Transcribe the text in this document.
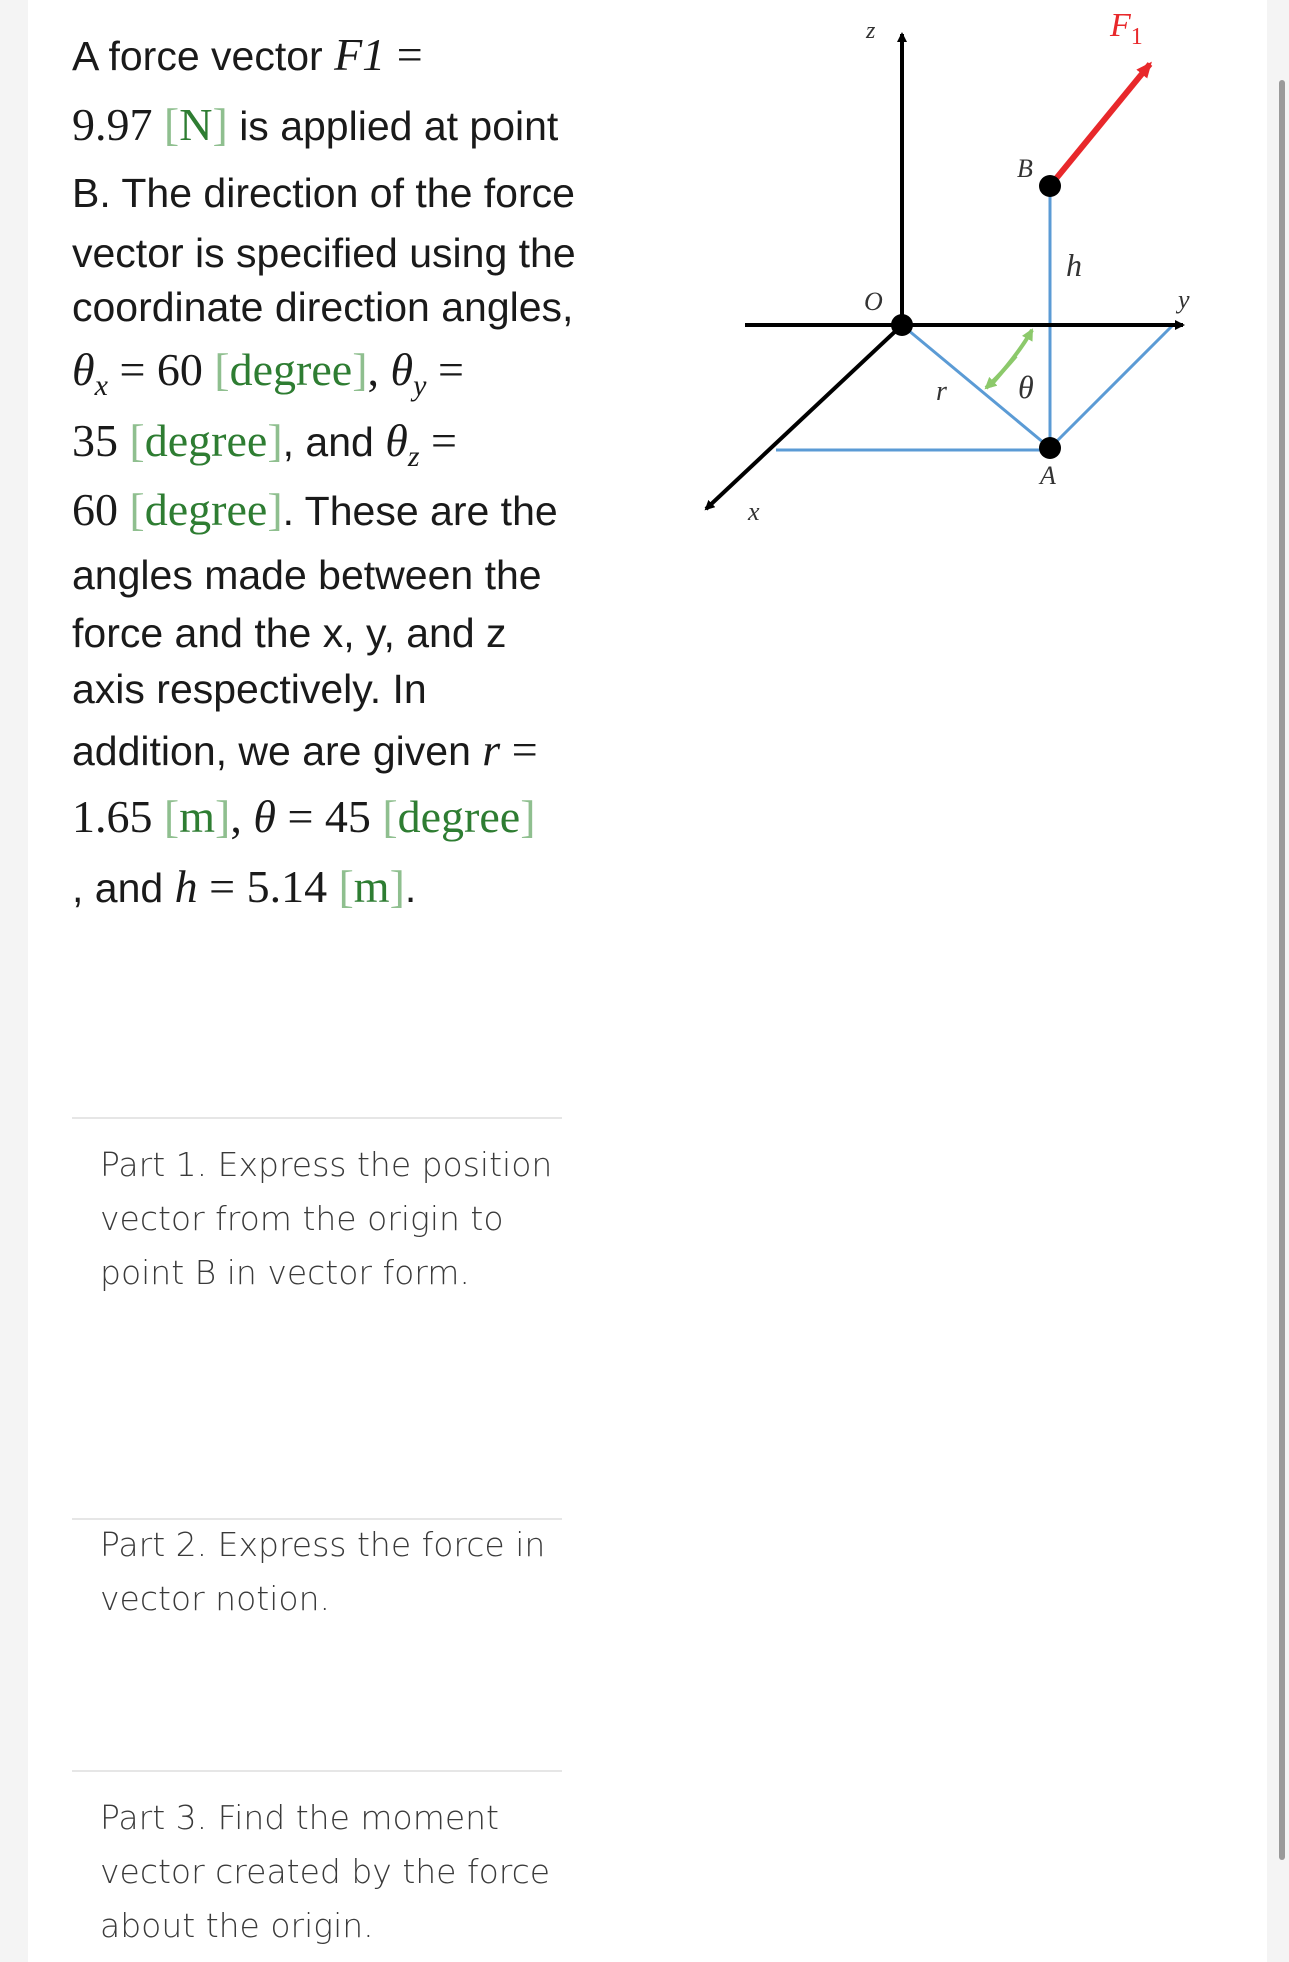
A force vector F1 =
9.97 [N] is applied at point
B. The direction of the force
vector is specified using the
coordinate direction angles,
$\theta_x = 60$ [degree], $\theta_y$ =
35 [degree], and $\theta_z$ =
60 [degree]. These are the
angles made between the
force and the x, y, and z
axis respectively. In
addition, we are given r =
1.65 [m], θ = 45 [degree]
, and h = 5.14 [m].
Part 1. Express the position vector from the origin to point B in vector form.
Part 2. Express the force in vector notion.
Part 3. Find the moment vector created by the force about the origin.
z
y
x
O
B
A
h
r θ
$F_1$
